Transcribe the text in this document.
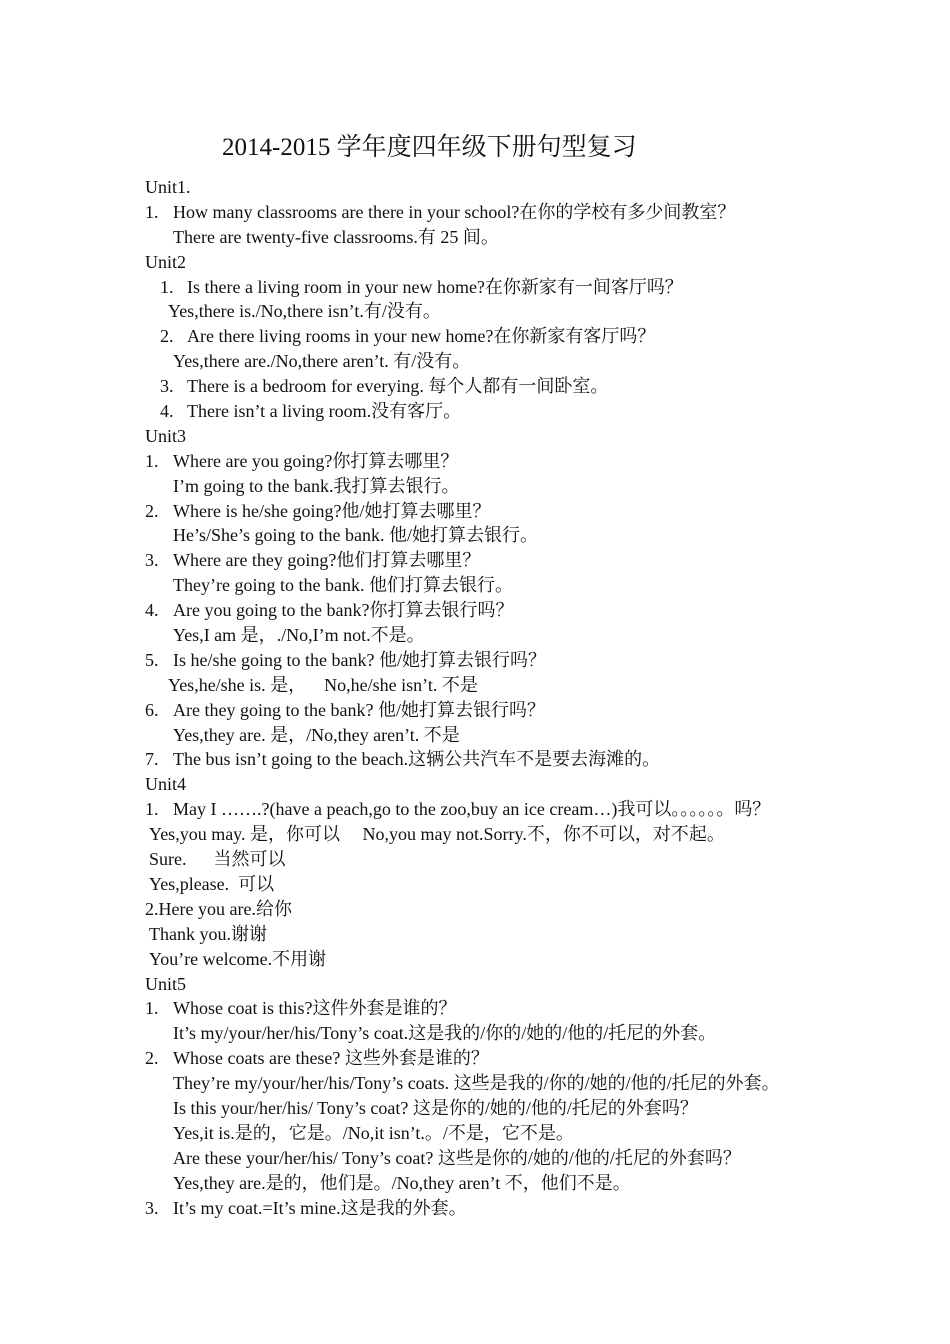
2014-2015 学年度四年级下册句型复习
Unit1.
1. How many classrooms are there in your school?在你的学校有多少间教室？
There are twenty-five classrooms.有 25 间。
Unit2
1. Is there a living room in your new home?在你新家有一间客厅吗？
Yes,there is./No,there isn’t.有/没有。
2. Are there living rooms in your new home?在你新家有客厅吗？
Yes,there are./No,there aren’t. 有/没有。
3. There is a bedroom for everying. 每个人都有一间卧室。
4. There isn’t a living room.没有客厅。
Unit3
1. Where are you going?你打算去哪里？
I’m going to the bank.我打算去银行。
2. Where is he/she going?他/她打算去哪里？
He’s/She’s going to the bank. 他/她打算去银行。
3. Where are they going?他们打算去哪里？
They’re going to the bank. 他们打算去银行。
4. Are you going to the bank?你打算去银行吗？
Yes,I am 是，./No,I’m not.不是。
5. Is he/she going to the bank? 他/她打算去银行吗？
Yes,he/she is. 是，    No,he/she isn’t. 不是
6. Are they going to the bank? 他/她打算去银行吗？
Yes,they are. 是，/No,they aren’t. 不是
7. The bus isn’t going to the beach.这辆公共汽车不是要去海滩的。
Unit4
1. May I …….?(have a peach,go to the zoo,buy an ice cream…)我可以。。。。。。吗？
Yes,you may. 是，你可以     No,you may not.Sorry.不，你不可以，对不起。
Sure.      当然可以
Yes,please.  可以
2.Here you are.给你
Thank you.谢谢
You’re welcome.不用谢
Unit5
1. Whose coat is this?这件外套是谁的？
It’s my/your/her/his/Tony’s coat.这是我的/你的/她的/他的/托尼的外套。
2. Whose coats are these? 这些外套是谁的？
They’re my/your/her/his/Tony’s coats. 这些是我的/你的/她的/他的/托尼的外套。
Is this your/her/his/ Tony’s coat? 这是你的/她的/他的/托尼的外套吗？
Yes,it is.是的，它是。/No,it isn’t.。/不是，它不是。
Are these your/her/his/ Tony’s coat? 这些是你的/她的/他的/托尼的外套吗？
Yes,they are.是的，他们是。/No,they aren’t 不，他们不是。
3. It’s my coat.=It’s mine.这是我的外套。
